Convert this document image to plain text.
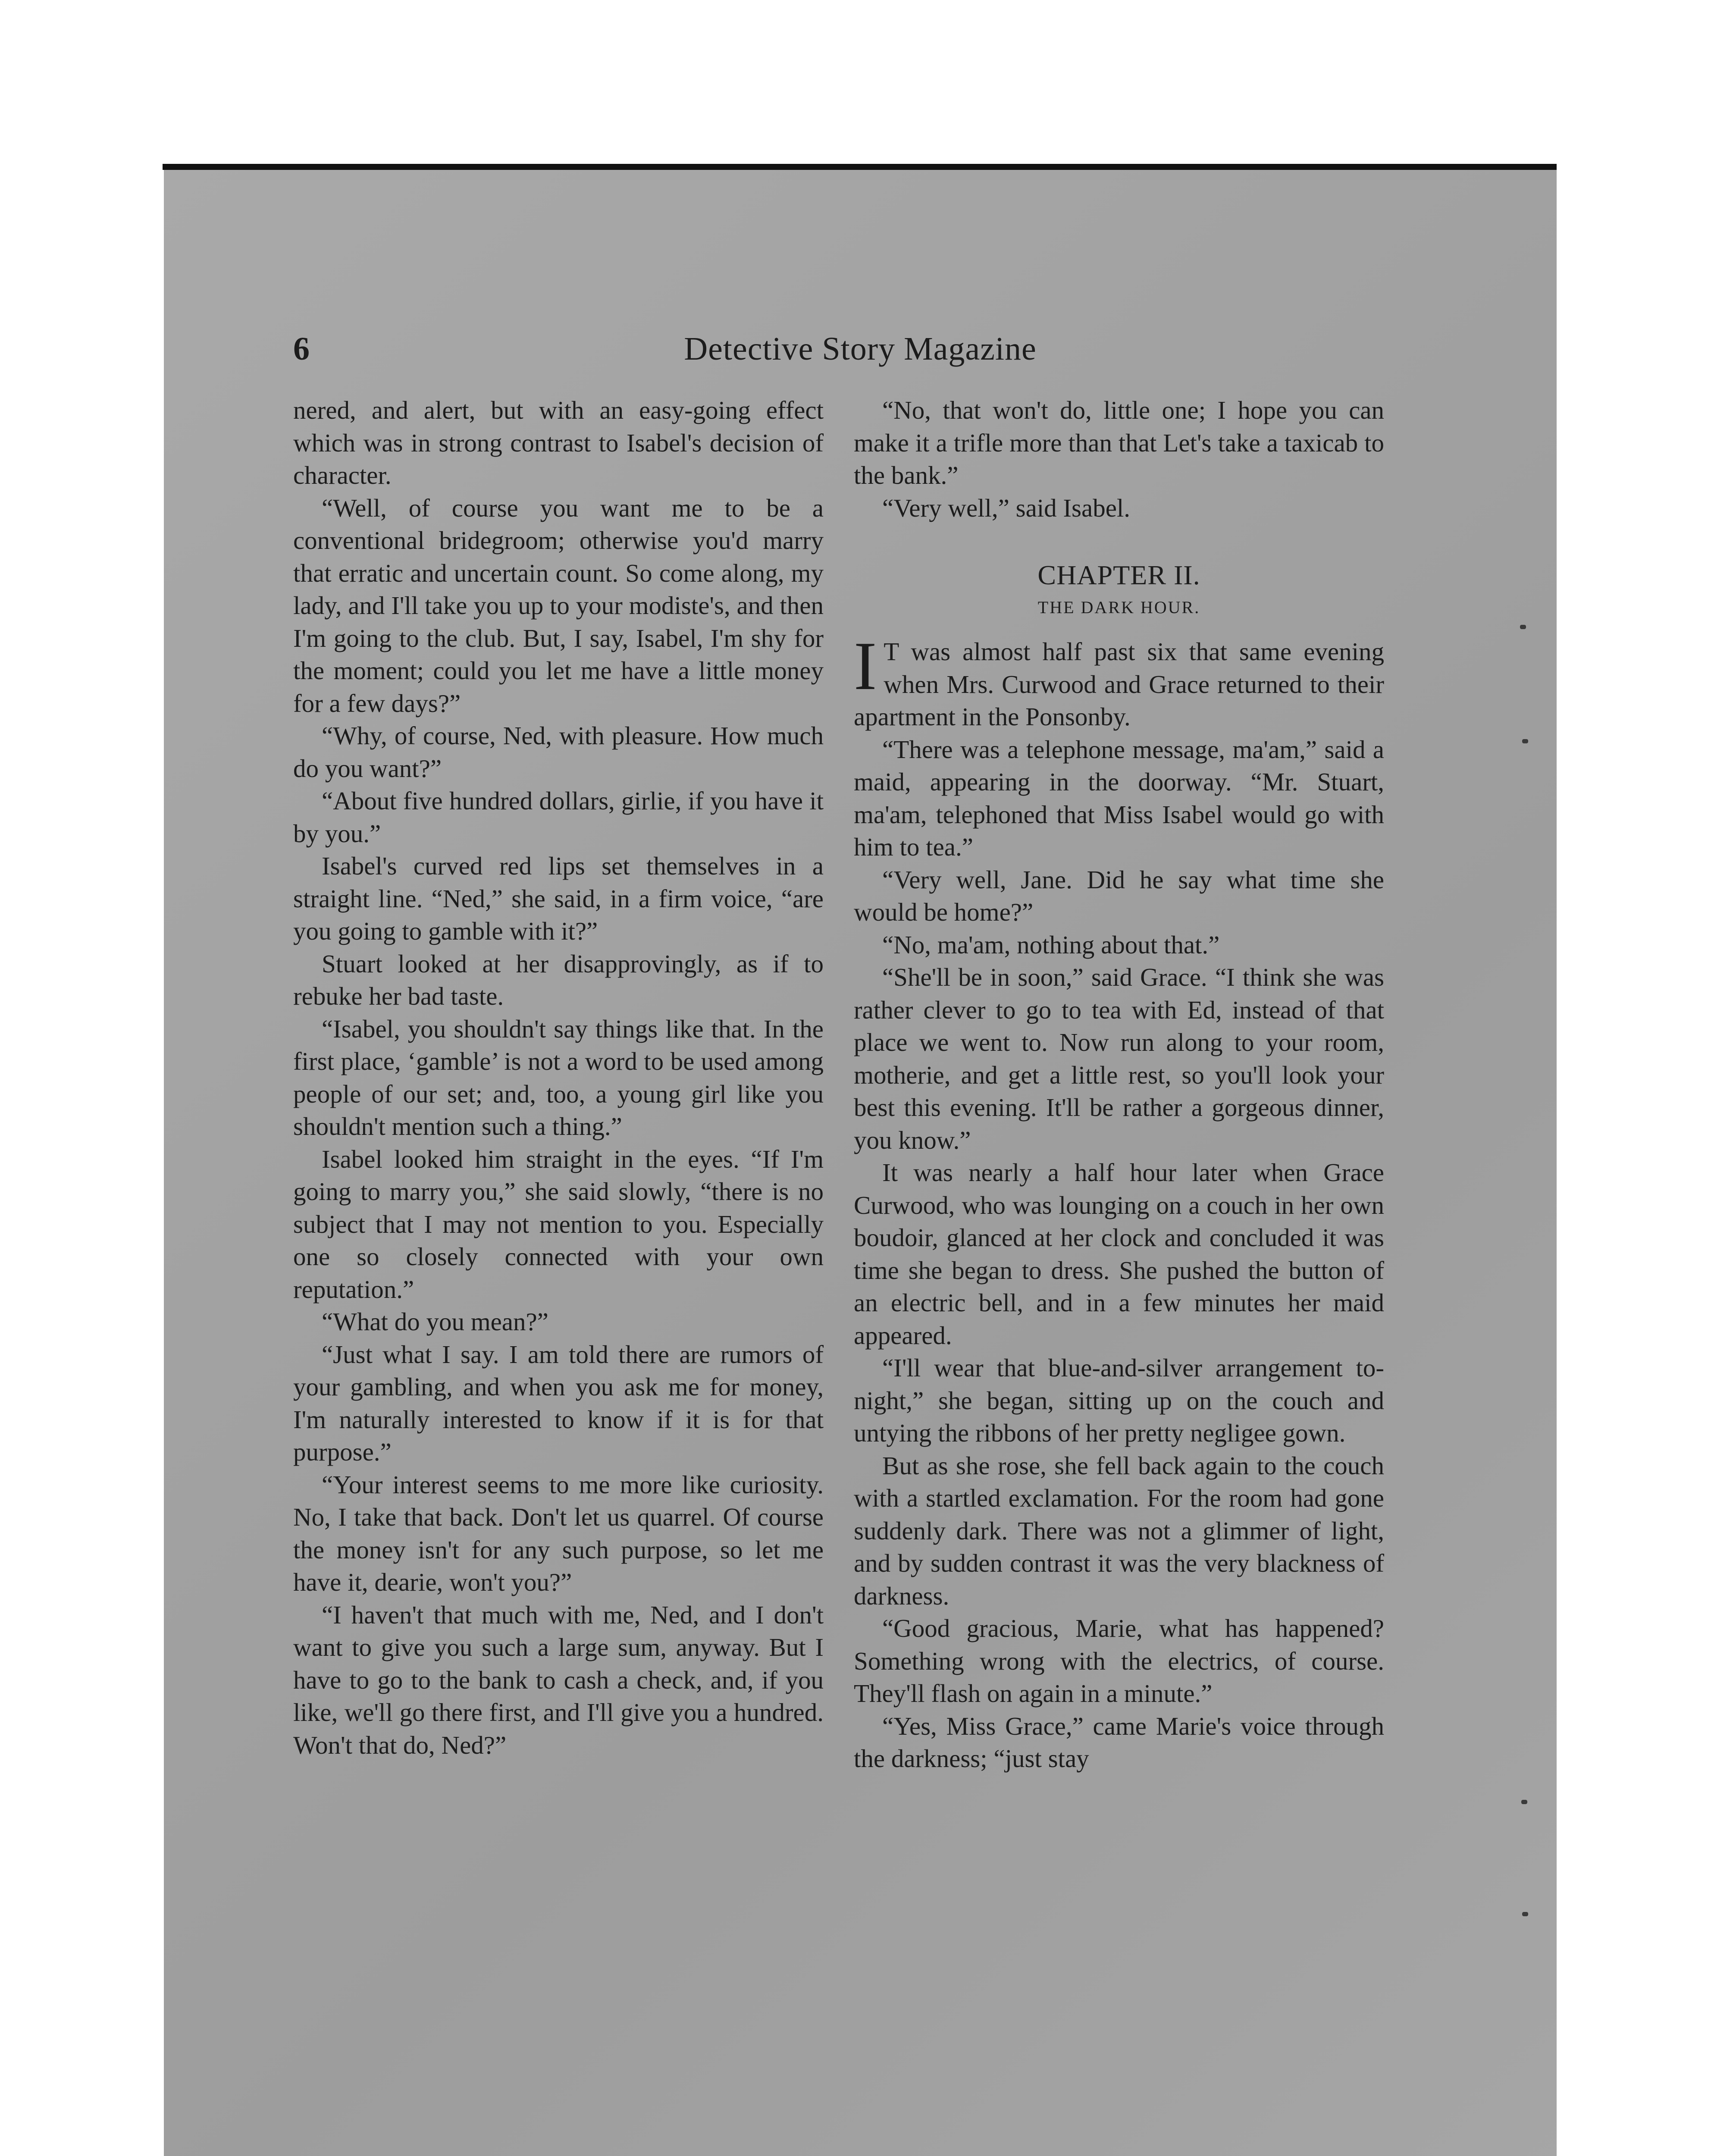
6	Detective Story Magazine

nered, and alert, but with an easy-going effect which was in strong contrast to Isabel's decision of character.

“Well, of course you want me to be a conventional bridegroom; otherwise you'd marry that erratic and uncertain count. So come along, my lady, and I'll take you up to your modiste's, and then I'm going to the club. But, I say, Isabel, I'm shy for the moment; could you let me have a little money for a few days?”

“Why, of course, Ned, with pleasure. How much do you want?”

“About five hundred dollars, girlie, if you have it by you.”

Isabel's curved red lips set themselves in a straight line. “Ned,” she said, in a firm voice, “are you going to gamble with it?”

Stuart looked at her disapprovingly, as if to rebuke her bad taste.

“Isabel, you shouldn't say things like that. In the first place, ‘gamble’ is not a word to be used among people of our set; and, too, a young girl like you shouldn't mention such a thing.”

Isabel looked him straight in the eyes. “If I'm going to marry you,” she said slowly, “there is no subject that I may not mention to you. Especially one so closely connected with your own reputation.”

“What do you mean?”

“Just what I say. I am told there are rumors of your gambling, and when you ask me for money, I'm naturally interested to know if it is for that purpose.”

“Your interest seems to me more like curiosity. No, I take that back. Don't let us quarrel. Of course the money isn't for any such purpose, so let me have it, dearie, won't you?”

“I haven't that much with me, Ned, and I don't want to give you such a large sum, anyway. But I have to go to the bank to cash a check, and, if you like, we'll go there first, and I'll give you a hundred. Won't that do, Ned?”

“No, that won't do, little one; I hope you can make it a trifle more than that Let's take a taxicab to the bank.”

“Very well,” said Isabel.

CHAPTER II.
THE DARK HOUR.

I T was almost half past six that same evening when Mrs. Curwood and Grace returned to their apartment in the Ponsonby.

“There was a telephone message, ma'am,” said a maid, appearing in the doorway. “Mr. Stuart, ma'am, telephoned that Miss Isabel would go with him to tea.”

“Very well, Jane. Did he say what time she would be home?”

“No, ma'am, nothing about that.”

“She'll be in soon,” said Grace. “I think she was rather clever to go to tea with Ed, instead of that place we went to. Now run along to your room, motherie, and get a little rest, so you'll look your best this evening. It'll be rather a gorgeous dinner, you know.”

It was nearly a half hour later when Grace Curwood, who was lounging on a couch in her own boudoir, glanced at her clock and concluded it was time she began to dress. She pushed the button of an electric bell, and in a few minutes her maid appeared.

“I'll wear that blue-and-silver arrangement to-night,” she began, sitting up on the couch and untying the ribbons of her pretty negligee gown.

But as she rose, she fell back again to the couch with a startled exclamation. For the room had gone suddenly dark. There was not a glimmer of light, and by sudden contrast it was the very blackness of darkness.

“Good gracious, Marie, what has happened? Something wrong with the electrics, of course. They'll flash on again in a minute.”

“Yes, Miss Grace,” came Marie's voice through the darkness; “just stay
